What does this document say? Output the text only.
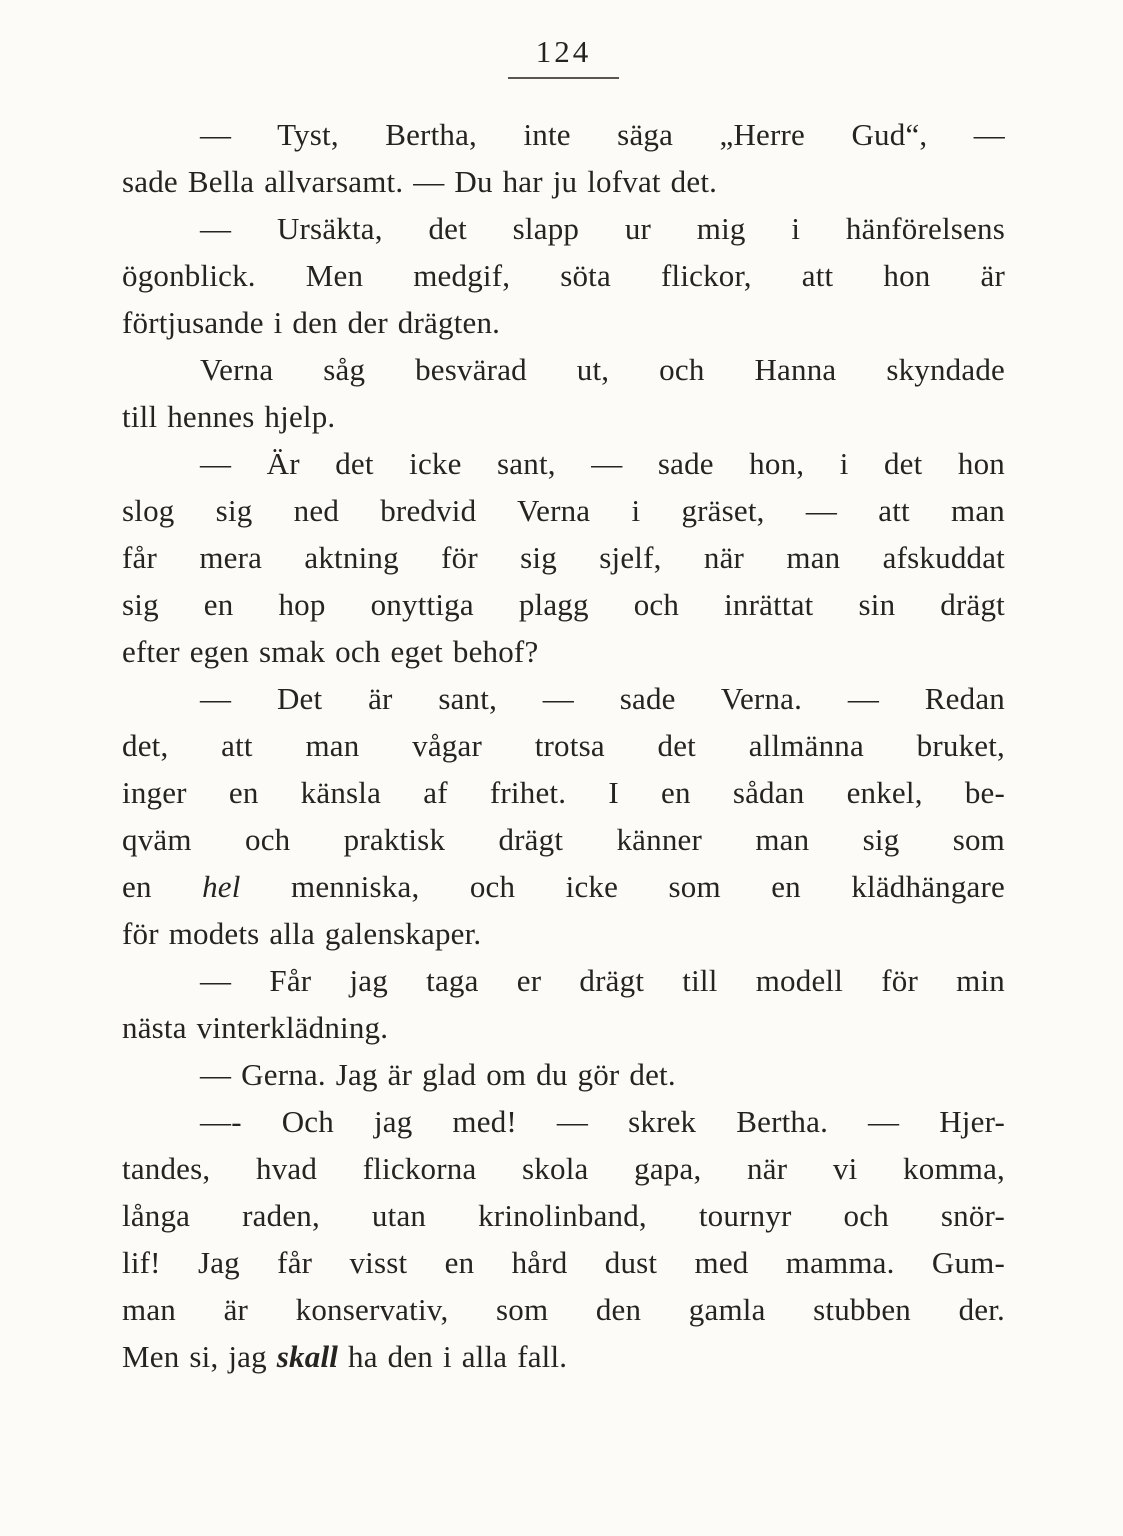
124
— Tyst, Bertha, inte säga „Herre Gud“, —
sade Bella allvarsamt. — Du har ju lofvat det.
— Ursäkta, det slapp ur mig i hänförelsens
ögonblick. Men medgif, söta flickor, att hon är
förtjusande i den der drägten.
Verna såg besvärad ut, och Hanna skyndade
till hennes hjelp.
— Är det icke sant, — sade hon, i det hon
slog sig ned bredvid Verna i gräset, — att man
får mera aktning för sig sjelf, när man afskuddat
sig en hop onyttiga plagg och inrättat sin drägt
efter egen smak och eget behof?
— Det är sant, — sade Verna. — Redan
det, att man vågar trotsa det allmänna bruket,
inger en känsla af frihet. I en sådan enkel, be-
qväm och praktisk drägt känner man sig som
en hel menniska, och icke som en klädhängare
för modets alla galenskaper.
— Får jag taga er drägt till modell för min
nästa vinterklädning.
— Gerna. Jag är glad om du gör det.
—- Och jag med! — skrek Bertha. — Hjer-
tandes, hvad flickorna skola gapa, när vi komma,
långa raden, utan krinolinband, tournyr och snör-
lif! Jag får visst en hård dust med mamma. Gum-
man är konservativ, som den gamla stubben der.
Men si, jag skall ha den i alla fall.
